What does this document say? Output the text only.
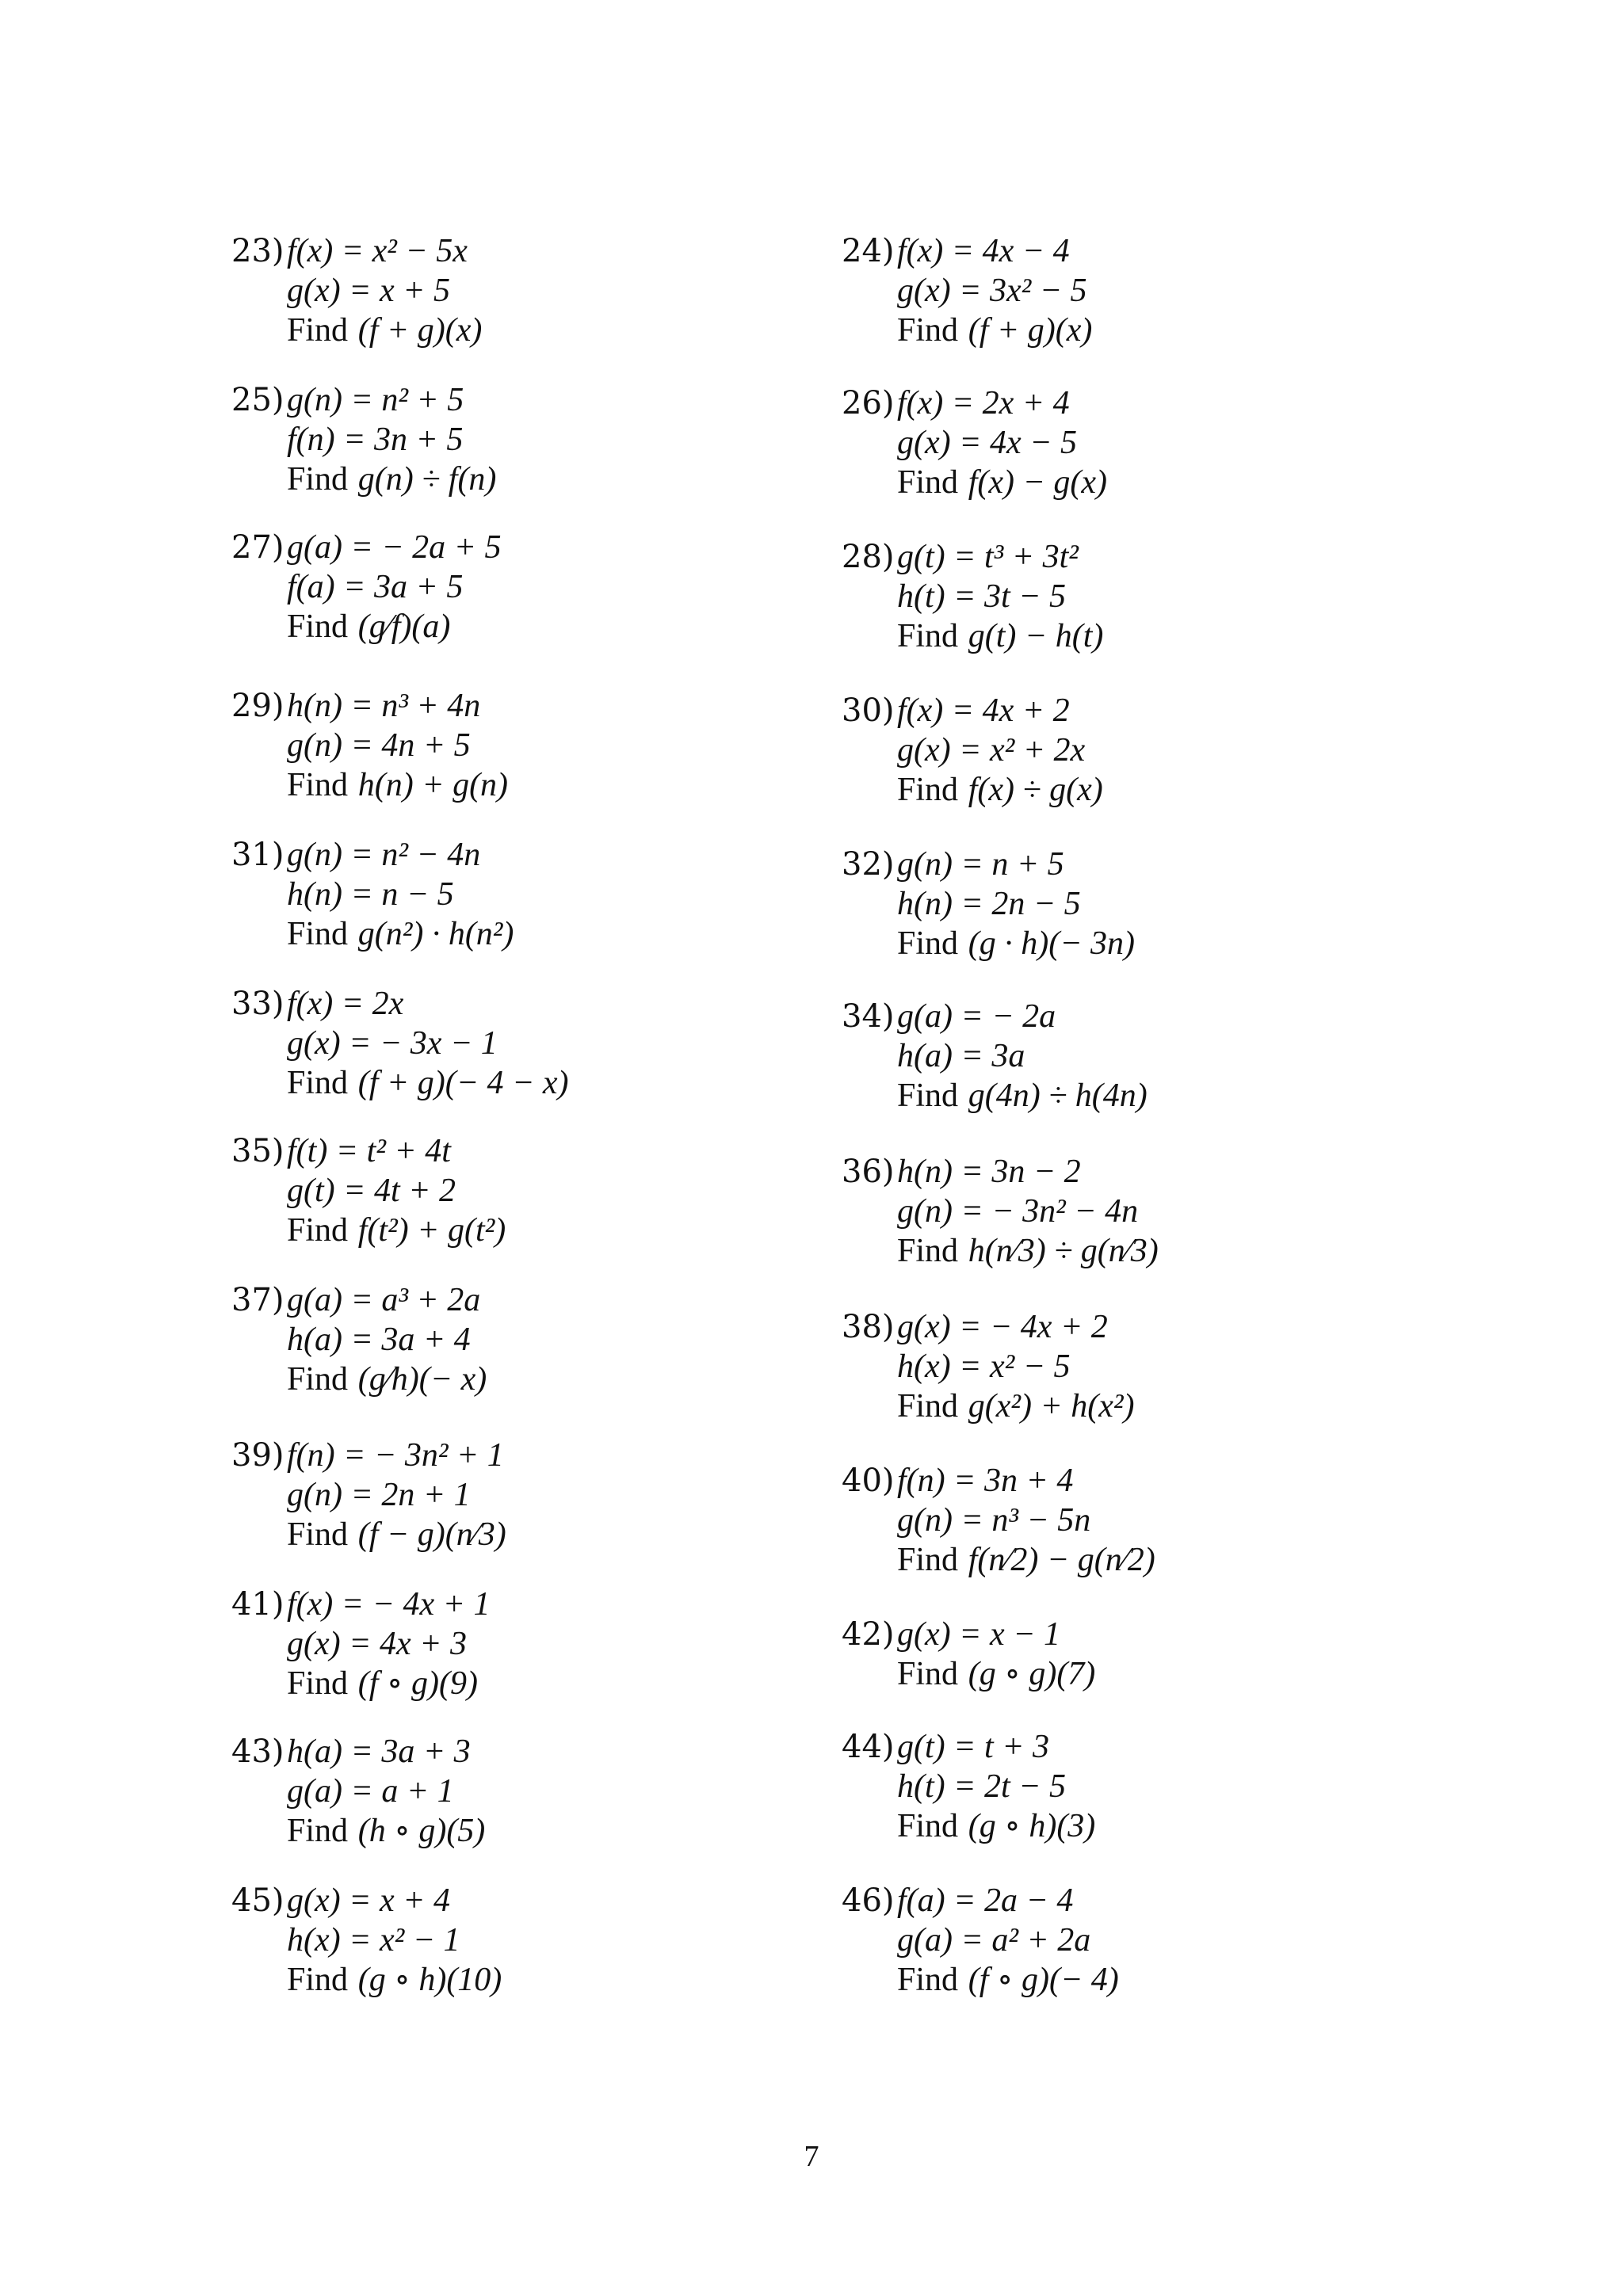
23)f(x) = x² − 5x
g(x) = x + 5
Find (f + g)(x)
25)g(n) = n² + 5
f(n) = 3n + 5
Find g(n) ÷ f(n)
27)g(a) = − 2a + 5
f(a) = 3a + 5
Find (g⁄f)(a)
29)h(n) = n³ + 4n
g(n) = 4n + 5
Find h(n) + g(n)
31)g(n) = n² − 4n
h(n) = n − 5
Find g(n²) · h(n²)
33)f(x) = 2x
g(x) = − 3x − 1
Find (f + g)(− 4 − x)
35)f(t) = t² + 4t
g(t) = 4t + 2
Find f(t²) + g(t²)
37)g(a) = a³ + 2a
h(a) = 3a + 4
Find (g⁄h)(− x)
39)f(n) = − 3n² + 1
g(n) = 2n + 1
Find (f − g)(n⁄3)
41)f(x) = − 4x + 1
g(x) = 4x + 3
Find (f ∘ g)(9)
43)h(a) = 3a + 3
g(a) = a + 1
Find (h ∘ g)(5)
45)g(x) = x + 4
h(x) = x² − 1
Find (g ∘ h)(10)
24)f(x) = 4x − 4
g(x) = 3x² − 5
Find (f + g)(x)
26)f(x) = 2x + 4
g(x) = 4x − 5
Find f(x) − g(x)
28)g(t) = t³ + 3t²
h(t) = 3t − 5
Find g(t) − h(t)
30)f(x) = 4x + 2
g(x) = x² + 2x
Find f(x) ÷ g(x)
32)g(n) = n + 5
h(n) = 2n − 5
Find (g · h)(− 3n)
34)g(a) = − 2a
h(a) = 3a
Find g(4n) ÷ h(4n)
36)h(n) = 3n − 2
g(n) = − 3n² − 4n
Find h(n⁄3) ÷ g(n⁄3)
38)g(x) = − 4x + 2
h(x) = x² − 5
Find g(x²) + h(x²)
40)f(n) = 3n + 4
g(n) = n³ − 5n
Find f(n⁄2) − g(n⁄2)
42)g(x) = x − 1
Find (g ∘ g)(7)
44)g(t) = t + 3
h(t) = 2t − 5
Find (g ∘ h)(3)
46)f(a) = 2a − 4
g(a) = a² + 2a
Find (f ∘ g)(− 4)
7
